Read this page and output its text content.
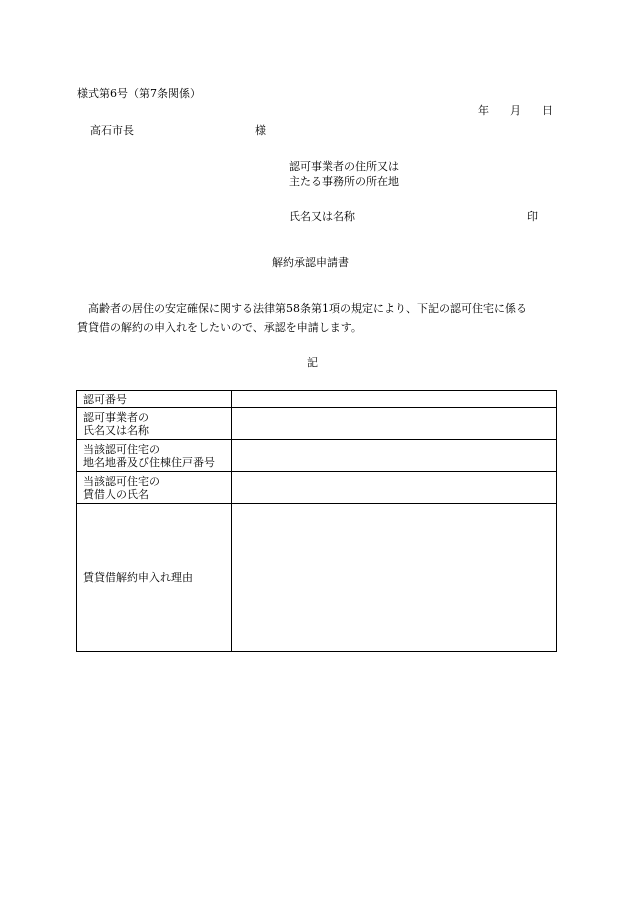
様式第6号（第7条関係）
年 月 日
高石市長	様
認可事業者の住所又は
主たる事務所の所在地
氏名又は名称	印
解約承認申請書

高齢者の居住の安定確保に関する法律第58条第1項の規定により、下記の認可住宅に係る

賃貸借の解約の申入れをしたいので、承認を申請します。

記
認可番号	

認可事業者の
氏名又は名称	

当該認可住宅の
地名地番及び住棟住戸番号	

当該認可住宅の
賃借人の氏名	

賃貸借解約申入れ理由	
